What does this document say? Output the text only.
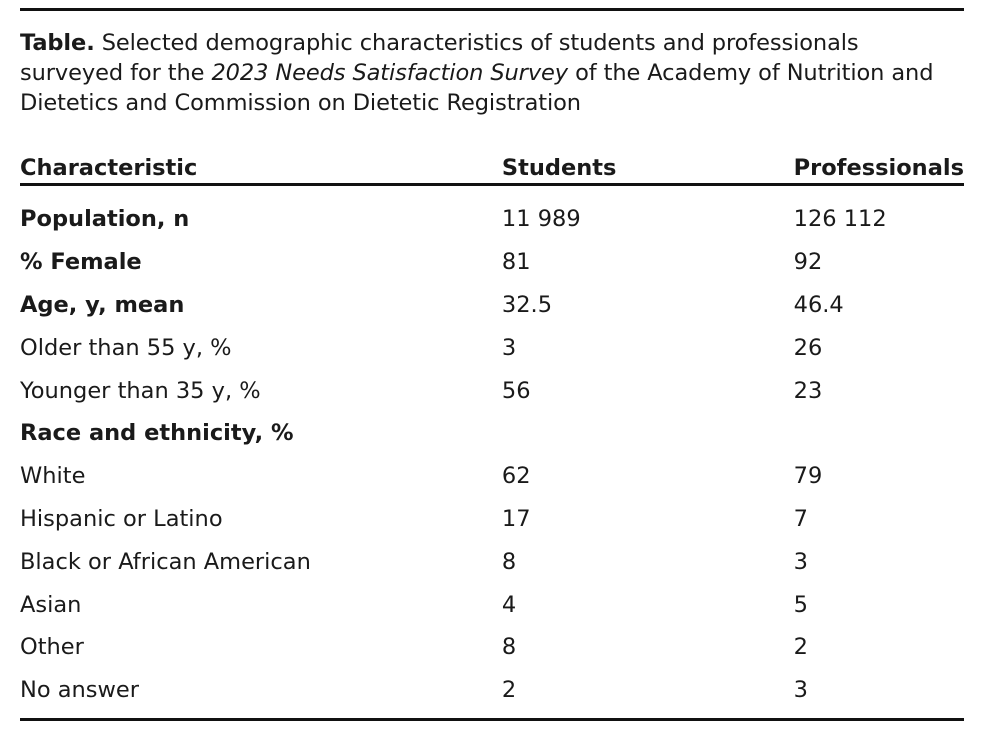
Table. Selected demographic characteristics of students and professionals surveyed for the 2023 Needs Satisfaction Survey of the Academy of Nutrition and Dietetics and Commission on Dietetic Registration

Characteristic	Students	Professionals
Population, n	11 989	126 112
% Female	81	92
Age, y, mean	32.5	46.4
Older than 55 y, %	3	26
Younger than 35 y, %	56	23
Race and ethnicity, %		
White	62	79
Hispanic or Latino	17	7
Black or African American	8	3
Asian	4	5
Other	8	2
No answer	2	3
